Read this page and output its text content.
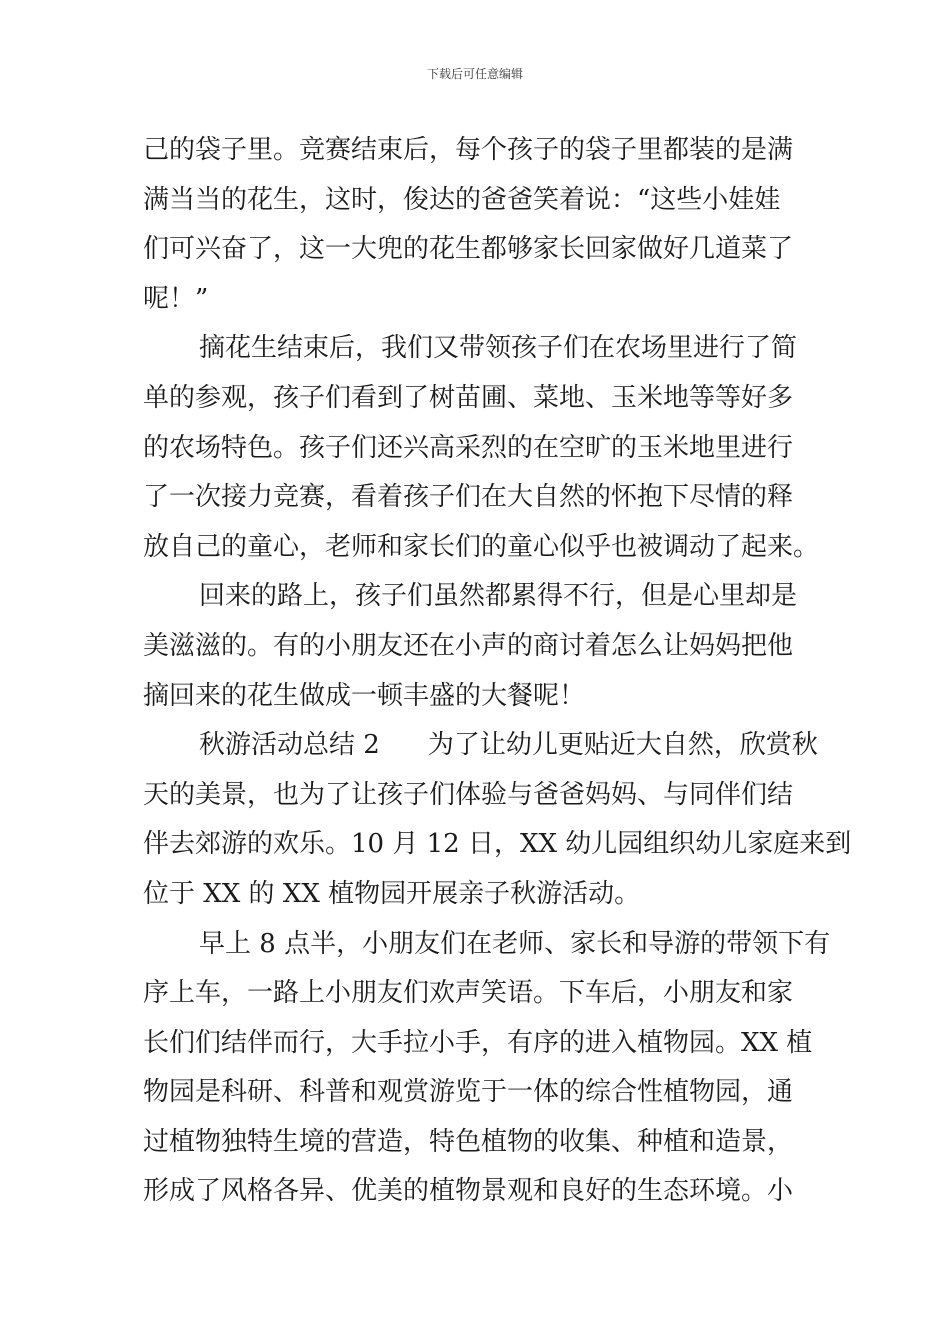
下载后可任意编辑
己的袋子里。竞赛结束后，每个孩子的袋子里都装的是满
满当当的花生，这时，俊达的爸爸笑着说：“这些小娃娃
们可兴奋了，这一大兜的花生都够家长回家做好几道菜了
呢！”
摘花生结束后，我们又带领孩子们在农场里进行了简
单的参观，孩子们看到了树苗圃、菜地、玉米地等等好多
的农场特色。孩子们还兴高采烈的在空旷的玉米地里进行
了一次接力竞赛，看着孩子们在大自然的怀抱下尽情的释
放自己的童心，老师和家长们的童心似乎也被调动了起来。
回来的路上，孩子们虽然都累得不行，但是心里却是
美滋滋的。有的小朋友还在小声的商讨着怎么让妈妈把他
摘回来的花生做成一顿丰盛的大餐呢！
秋游活动总结 2 为了让幼儿更贴近大自然，欣赏秋
天的美景，也为了让孩子们体验与爸爸妈妈、与同伴们结
伴去郊游的欢乐。10 月 12 日，XX 幼儿园组织幼儿家庭来到
位于 XX 的 XX 植物园开展亲子秋游活动。
早上 8 点半，小朋友们在老师、家长和导游的带领下有
序上车，一路上小朋友们欢声笑语。下车后，小朋友和家
长们们结伴而行，大手拉小手，有序的进入植物园。XX 植
物园是科研、科普和观赏游览于一体的综合性植物园，通
过植物独特生境的营造，特色植物的收集、种植和造景，
形成了风格各异、优美的植物景观和良好的生态环境。小
